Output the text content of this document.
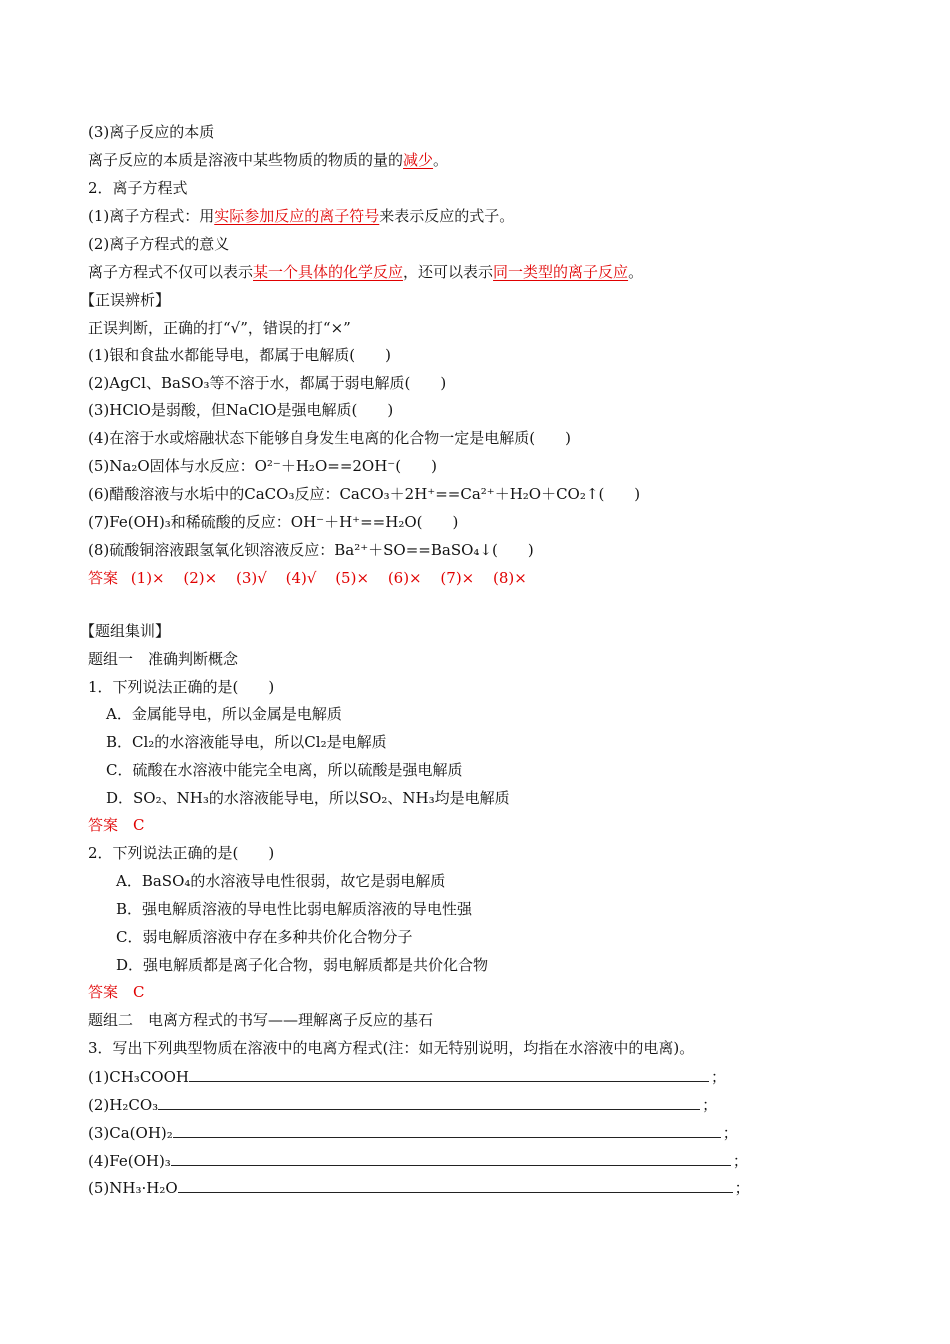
(3)离子反应的本质
离子反应的本质是溶液中某些物质的物质的量的减少。
2．离子方程式
(1)离子方程式：用实际参加反应的离子符号来表示反应的式子。
(2)离子方程式的意义
离子方程式不仅可以表示某一个具体的化学反应，还可以表示同一类型的离子反应。
【正误辨析】
正误判断，正确的打“√”，错误的打“×”
(1)银和食盐水都能导电，都属于电解质(　　)
(2)AgCl、BaSO₃等不溶于水，都属于弱电解质(　　)
(3)HClO是弱酸，但NaClO是强电解质(　　)
(4)在溶于水或熔融状态下能够自身发生电离的化合物一定是电解质(　　)
(5)Na₂O固体与水反应：O²⁻＋H₂O==2OH⁻(　　)
(6)醋酸溶液与水垢中的CaCO₃反应：CaCO₃＋2H⁺==Ca²⁺＋H₂O＋CO₂↑(　　)
(7)Fe(OH)₃和稀硫酸的反应：OH⁻＋H⁺==H₂O(　　)
(8)硫酸铜溶液跟氢氧化钡溶液反应：Ba²⁺＋SO==BaSO₄↓(　　)
答案 (1)× (2)× (3)√ (4)√ (5)× (6)× (7)× (8)×
【题组集训】
题组一　准确判断概念
1．下列说法正确的是(　　)
A．金属能导电，所以金属是电解质
B．Cl₂的水溶液能导电，所以Cl₂是电解质
C．硫酸在水溶液中能完全电离，所以硫酸是强电解质
D．SO₂、NH₃的水溶液能导电，所以SO₂、NH₃均是电解质
答案　C
2．下列说法正确的是(　　)
A．BaSO₄的水溶液导电性很弱，故它是弱电解质
B．强电解质溶液的导电性比弱电解质溶液的导电性强
C．弱电解质溶液中存在多种共价化合物分子
D．强电解质都是离子化合物，弱电解质都是共价化合物
答案　C
题组二　电离方程式的书写——理解离子反应的基石
3．写出下列典型物质在溶液中的电离方程式(注：如无特别说明，均指在水溶液中的电离)。
(1)CH₃COOH	；
(2)H₂CO₃	；
(3)Ca(OH)₂	；
(4)Fe(OH)₃	；
(5)NH₃·H₂O	；
